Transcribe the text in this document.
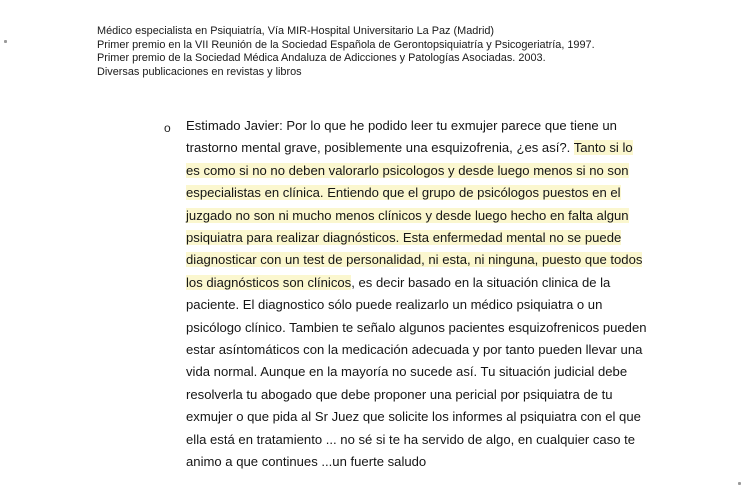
Médico especialista en Psiquiatría, Vía MIR-Hospital Universitario La Paz (Madrid)
Primer premio en la VII Reunión de la Sociedad Española de Gerontopsiquiatría y Psicogeriatría, 1997.
Primer premio de la Sociedad Médica Andaluza de Adicciones y Patologías Asociadas. 2003.
Diversas publicaciones en revistas y libros
o Estimado Javier: Por lo que he podido leer tu exmujer parece que tiene un
trastorno mental grave, posiblemente una esquizofrenia, ¿es así?. Tanto si lo
es como si no no deben valorarlo psicologos y desde luego menos si no son
especialistas en clínica. Entiendo que el grupo de psicólogos puestos en el
juzgado no son ni mucho menos clínicos y desde luego hecho en falta algun
psiquiatra para realizar diagnósticos. Esta enfermedad mental no se puede
diagnosticar con un test de personalidad, ni esta, ni ninguna, puesto que todos
los diagnósticos son clínicos, es decir basado en la situación clinica de la
paciente. El diagnostico sólo puede realizarlo un médico psiquiatra o un
psicólogo clínico. Tambien te señalo algunos pacientes esquizofrenicos pueden
estar asíntomáticos con la medicación adecuada y por tanto pueden llevar una
vida normal. Aunque en la mayoría no sucede así. Tu situación judicial debe
resolverla tu abogado que debe proponer una pericial por psiquiatra de tu
exmujer o que pida al Sr Juez que solicite los informes al psiquiatra con el que
ella está en tratamiento ... no sé si te ha servido de algo, en cualquier caso te
animo a que continues ...un fuerte saludo
